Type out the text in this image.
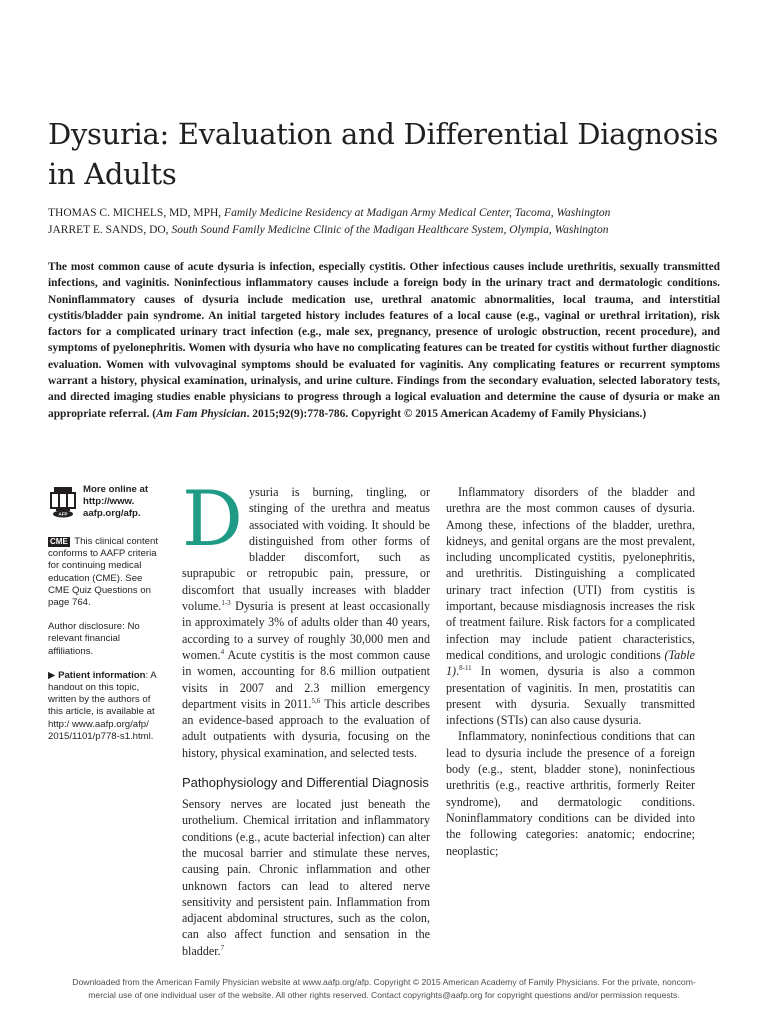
Dysuria: Evaluation and Differential Diagnosis in Adults
THOMAS C. MICHELS, MD, MPH, Family Medicine Residency at Madigan Army Medical Center, Tacoma, Washington
JARRET E. SANDS, DO, South Sound Family Medicine Clinic of the Madigan Healthcare System, Olympia, Washington
The most common cause of acute dysuria is infection, especially cystitis. Other infectious causes include urethritis, sexually transmitted infections, and vaginitis. Noninfectious inflammatory causes include a foreign body in the urinary tract and dermatologic conditions. Noninflammatory causes of dysuria include medication use, urethral anatomic abnormalities, local trauma, and interstitial cystitis/bladder pain syndrome. An initial targeted history includes features of a local cause (e.g., vaginal or urethral irritation), risk factors for a complicated urinary tract infection (e.g., male sex, pregnancy, presence of urologic obstruction, recent procedure), and symptoms of pyelonephritis. Women with dysuria who have no complicating features can be treated for cystitis without further diagnostic evaluation. Women with vulvovaginal symptoms should be evaluated for vaginitis. Any complicating features or recurrent symptoms warrant a history, physical examination, urinalysis, and urine culture. Findings from the secondary evaluation, selected laboratory tests, and directed imaging studies enable physicians to progress through a logical evaluation and determine the cause of dysuria or make an appropriate referral. (Am Fam Physician. 2015;92(9):778-786. Copyright © 2015 American Academy of Family Physicians.)
AFP
More online at http://www. aafp.org/afp.
CME This clinical content conforms to AAFP criteria for continuing medical education (CME). See CME Quiz Questions on page 764.
Author disclosure: No relevant financial affiliations.
▶ Patient information: A handout on this topic, written by the authors of this article, is available at http:/ www.aafp.org/afp/ 2015/1101/p778-s1.html.

Dysuria is burning, tingling, or stinging of the urethra and meatus associated with voiding. It should be distinguished from other forms of bladder discomfort, such as suprapubic or retropubic pain, pressure, or discomfort that usually increases with bladder volume.$^{1-3}$ Dysuria is present at least occasionally in approximately 3% of adults older than 40 years, according to a survey of roughly 30,000 men and women.$^4$ Acute cystitis is the most common cause in women, accounting for 8.6 million outpatient visits in 2007 and 2.3 million emergency department visits in 2011.$^{5,6}$ This article describes an evidence-based approach to the evaluation of adult outpatients with dysuria, focusing on the history, physical examination, and selected tests.

Pathophysiology and Differential Diagnosis

Sensory nerves are located just beneath the urothelium. Chemical irritation and inflammatory conditions (e.g., acute bacterial infection) can alter the mucosal barrier and stimulate these nerves, causing pain. Chronic inflammation and other unknown factors can lead to altered nerve sensitivity and persistent pain. Inflammation from adjacent abdominal structures, such as the colon, can also affect function and sensation in the bladder.$^7$

Inflammatory disorders of the bladder and urethra are the most common causes of dysuria. Among these, infections of the bladder, urethra, kidneys, and genital organs are the most prevalent, including uncomplicated cystitis, pyelonephritis, and urethritis. Distinguishing a complicated urinary tract infection (UTI) from cystitis is important, because misdiagnosis increases the risk of treatment failure. Risk factors for a complicated infection may include patient characteristics, medical conditions, and urologic conditions (Table 1).$^{8-11}$ In women, dysuria is also a common presentation of vaginitis. In men, prostatitis can present with dysuria. Sexually transmitted infections (STIs) can also cause dysuria.

Inflammatory, noninfectious conditions that can lead to dysuria include the presence of a foreign body (e.g., stent, bladder stone), noninfectious urethritis (e.g., reactive arthritis, formerly Reiter syndrome), and dermatologic conditions. Noninflammatory conditions can be divided into the following categories: anatomic; endocrine; neoplastic;

Downloaded from the American Family Physician website at www.aafp.org/afp. Copyright © 2015 American Academy of Family Physicians. For the private, noncom-
mercial use of one individual user of the website. All other rights reserved. Contact copyrights@aafp.org for copyright questions and/or permission requests.
